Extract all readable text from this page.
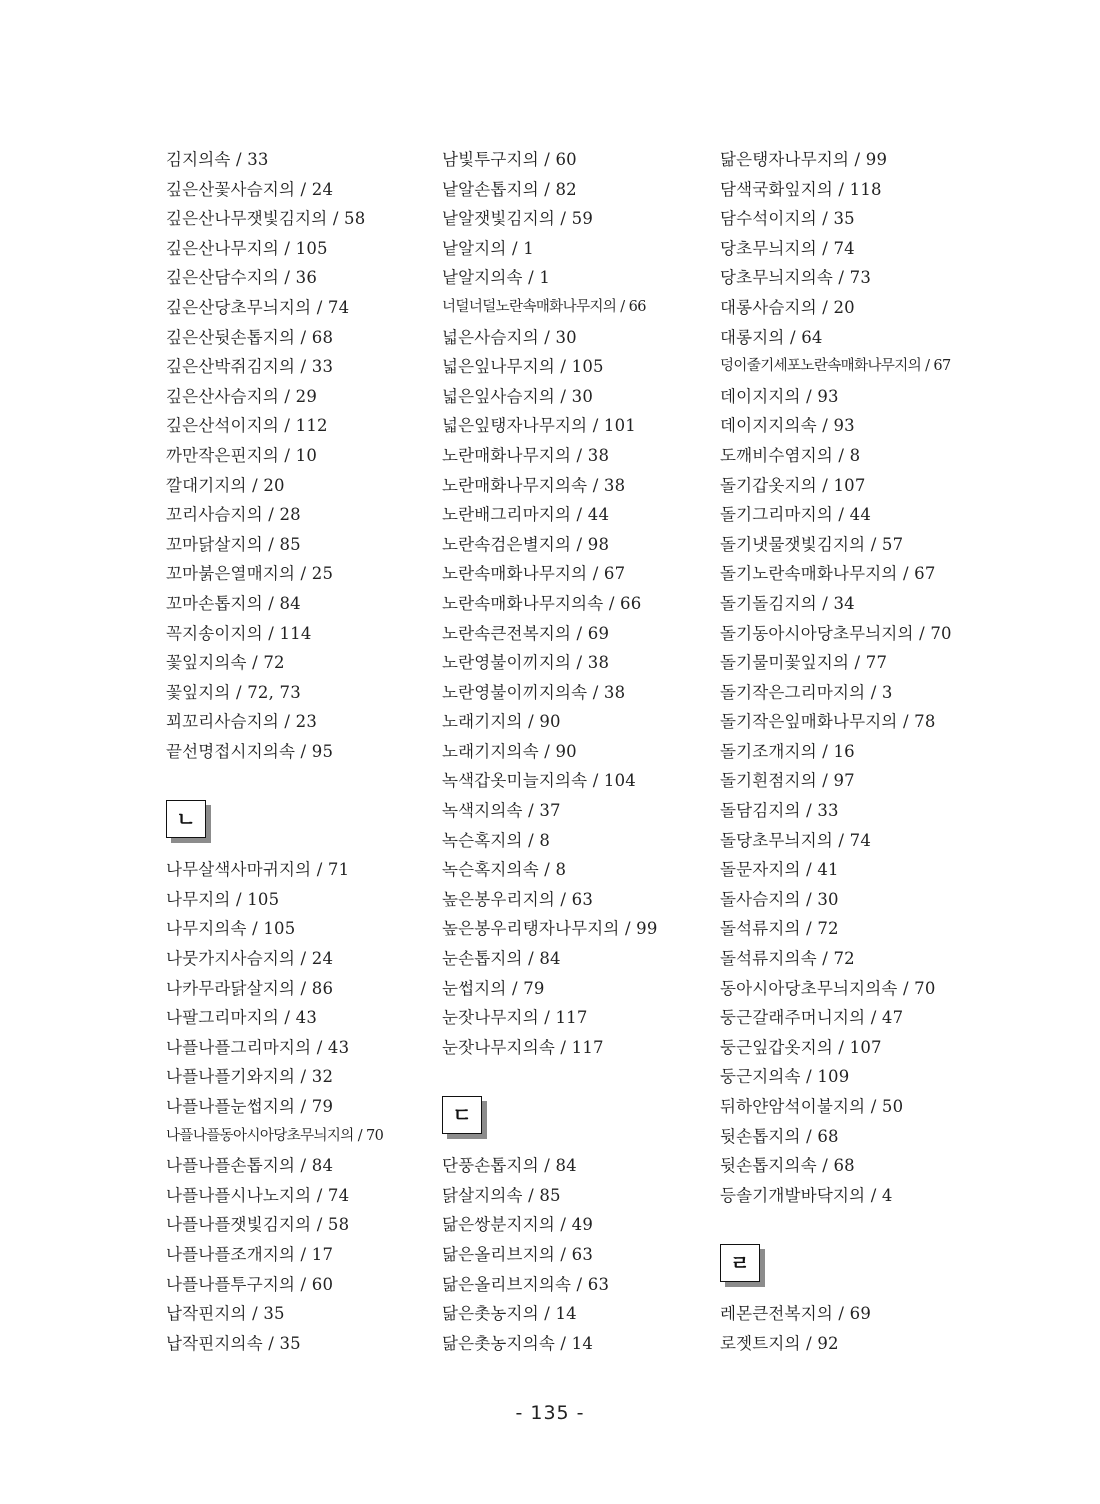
김지의속 / 33
깊은산꽃사슴지의 / 24
깊은산나무잿빛김지의 / 58
깊은산나무지의 / 105
깊은산담수지의 / 36
깊은산당초무늬지의 / 74
깊은산뒷손톱지의 / 68
깊은산박쥐김지의 / 33
깊은산사슴지의 / 29
깊은산석이지의 / 112
까만작은핀지의 / 10
깔대기지의 / 20
꼬리사슴지의 / 28
꼬마닭살지의 / 85
꼬마붉은열매지의 / 25
꼬마손톱지의 / 84
꼭지송이지의 / 114
꽃잎지의속 / 72
꽃잎지의 / 72, 73
꾀꼬리사슴지의 / 23
끝선명접시지의속 / 95
ㄴ
나무살색사마귀지의 / 71
나무지의 / 105
나무지의속 / 105
나뭇가지사슴지의 / 24
나카무라닭살지의 / 86
나팔그리마지의 / 43
나플나플그리마지의 / 43
나플나플기와지의 / 32
나플나플눈썹지의 / 79
나플나플동아시아당초무늬지의 / 70
나플나플손톱지의 / 84
나플나플시나노지의 / 74
나플나플잿빛김지의 / 58
나플나플조개지의 / 17
나플나플투구지의 / 60
납작핀지의 / 35
납작핀지의속 / 35
남빛투구지의 / 60
낱알손톱지의 / 82
낱알잿빛김지의 / 59
낱알지의 / 1
낱알지의속 / 1
너덜너덜노란속매화나무지의 / 66
넓은사슴지의 / 30
넓은잎나무지의 / 105
넓은잎사슴지의 / 30
넓은잎탱자나무지의 / 101
노란매화나무지의 / 38
노란매화나무지의속 / 38
노란배그리마지의 / 44
노란속검은별지의 / 98
노란속매화나무지의 / 67
노란속매화나무지의속 / 66
노란속큰전복지의 / 69
노란영불이끼지의 / 38
노란영불이끼지의속 / 38
노래기지의 / 90
노래기지의속 / 90
녹색갑옷미늘지의속 / 104
녹색지의속 / 37
녹슨혹지의 / 8
녹슨혹지의속 / 8
높은봉우리지의 / 63
높은봉우리탱자나무지의 / 99
눈손톱지의 / 84
눈썹지의 / 79
눈잣나무지의 / 117
눈잣나무지의속 / 117
ㄷ
단풍손톱지의 / 84
닭살지의속 / 85
닮은쌍분지지의 / 49
닮은올리브지의 / 63
닮은올리브지의속 / 63
닮은촛농지의 / 14
닮은촛농지의속 / 14
닮은탱자나무지의 / 99
담색국화잎지의 / 118
담수석이지의 / 35
당초무늬지의 / 74
당초무늬지의속 / 73
대롱사슴지의 / 20
대롱지의 / 64
덩이줄기세포노란속매화나무지의 / 67
데이지지의 / 93
데이지지의속 / 93
도깨비수염지의 / 8
돌기갑옷지의 / 107
돌기그리마지의 / 44
돌기냇물잿빛김지의 / 57
돌기노란속매화나무지의 / 67
돌기돌김지의 / 34
돌기동아시아당초무늬지의 / 70
돌기물미꽃잎지의 / 77
돌기작은그리마지의 / 3
돌기작은잎매화나무지의 / 78
돌기조개지의 / 16
돌기흰점지의 / 97
돌담김지의 / 33
돌당초무늬지의 / 74
돌문자지의 / 41
돌사슴지의 / 30
돌석류지의 / 72
돌석류지의속 / 72
동아시아당초무늬지의속 / 70
둥근갈래주머니지의 / 47
둥근잎갑옷지의 / 107
둥근지의속 / 109
뒤하얀암석이불지의 / 50
뒷손톱지의 / 68
뒷손톱지의속 / 68
등솔기개발바닥지의 / 4
ㄹ
레몬큰전복지의 / 69
로젯트지의 / 92
- 135 -
